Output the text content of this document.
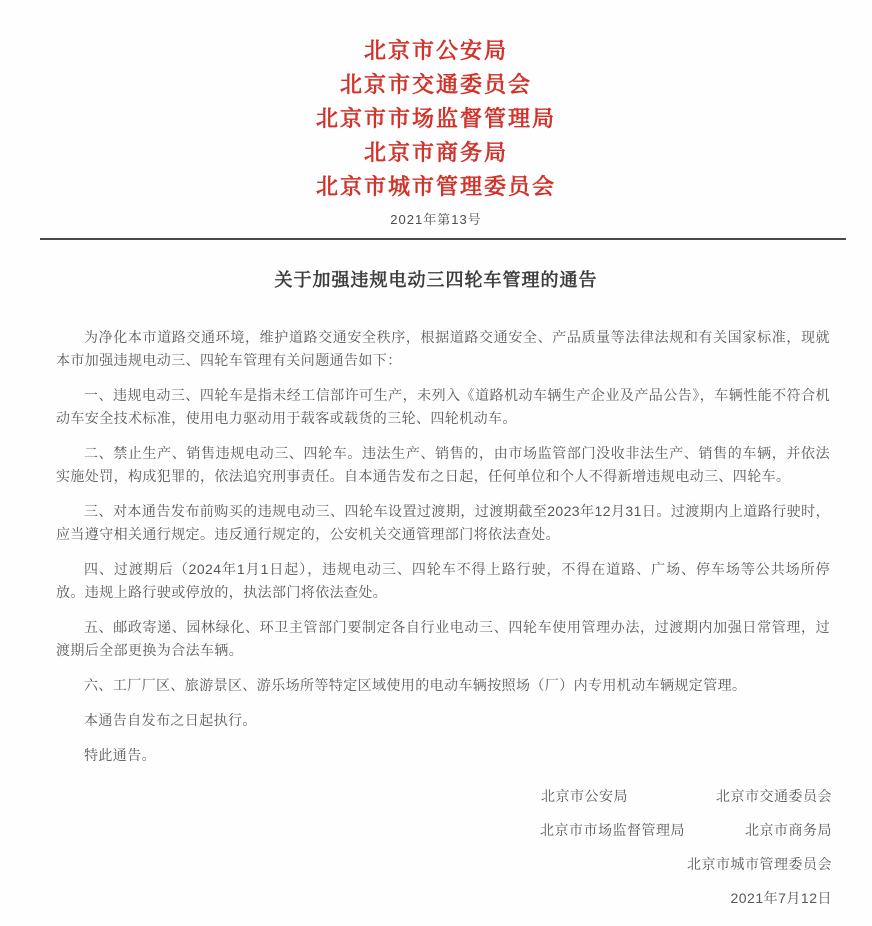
北京市公安局
北京市交通委员会
北京市市场监督管理局
北京市商务局
北京市城市管理委员会
2021年第13号
关于加强违规电动三四轮车管理的通告

为净化本市道路交通环境，维护道路交通安全秩序，根据道路交通安全、产品质量等法律法规和有关国家标准，现就本市加强违规电动三、四轮车管理有关问题通告如下：

一、违规电动三、四轮车是指未经工信部许可生产，未列入《道路机动车辆生产企业及产品公告》，车辆性能不符合机动车安全技术标准，使用电力驱动用于载客或载货的三轮、四轮机动车。

二、禁止生产、销售违规电动三、四轮车。违法生产、销售的，由市场监管部门没收非法生产、销售的车辆，并依法实施处罚，构成犯罪的，依法追究刑事责任。自本通告发布之日起，任何单位和个人不得新增违规电动三、四轮车。

三、对本通告发布前购买的违规电动三、四轮车设置过渡期，过渡期截至2023年12月31日。过渡期内上道路行驶时，应当遵守相关通行规定。违反通行规定的，公安机关交通管理部门将依法查处。

四、过渡期后（2024年1月1日起），违规电动三、四轮车不得上路行驶，不得在道路、广场、停车场等公共场所停放。违规上路行驶或停放的，执法部门将依法查处。

五、邮政寄递、园林绿化、环卫主管部门要制定各自行业电动三、四轮车使用管理办法，过渡期内加强日常管理，过渡期后全部更换为合法车辆。

六、工厂厂区、旅游景区、游乐场所等特定区域使用的电动车辆按照场（厂）内专用机动车辆规定管理。

本通告自发布之日起执行。

特此通告。

北京市公安局	北京市交通委员会
北京市市场监督管理局	北京市商务局
北京市城市管理委员会
2021年7月12日
